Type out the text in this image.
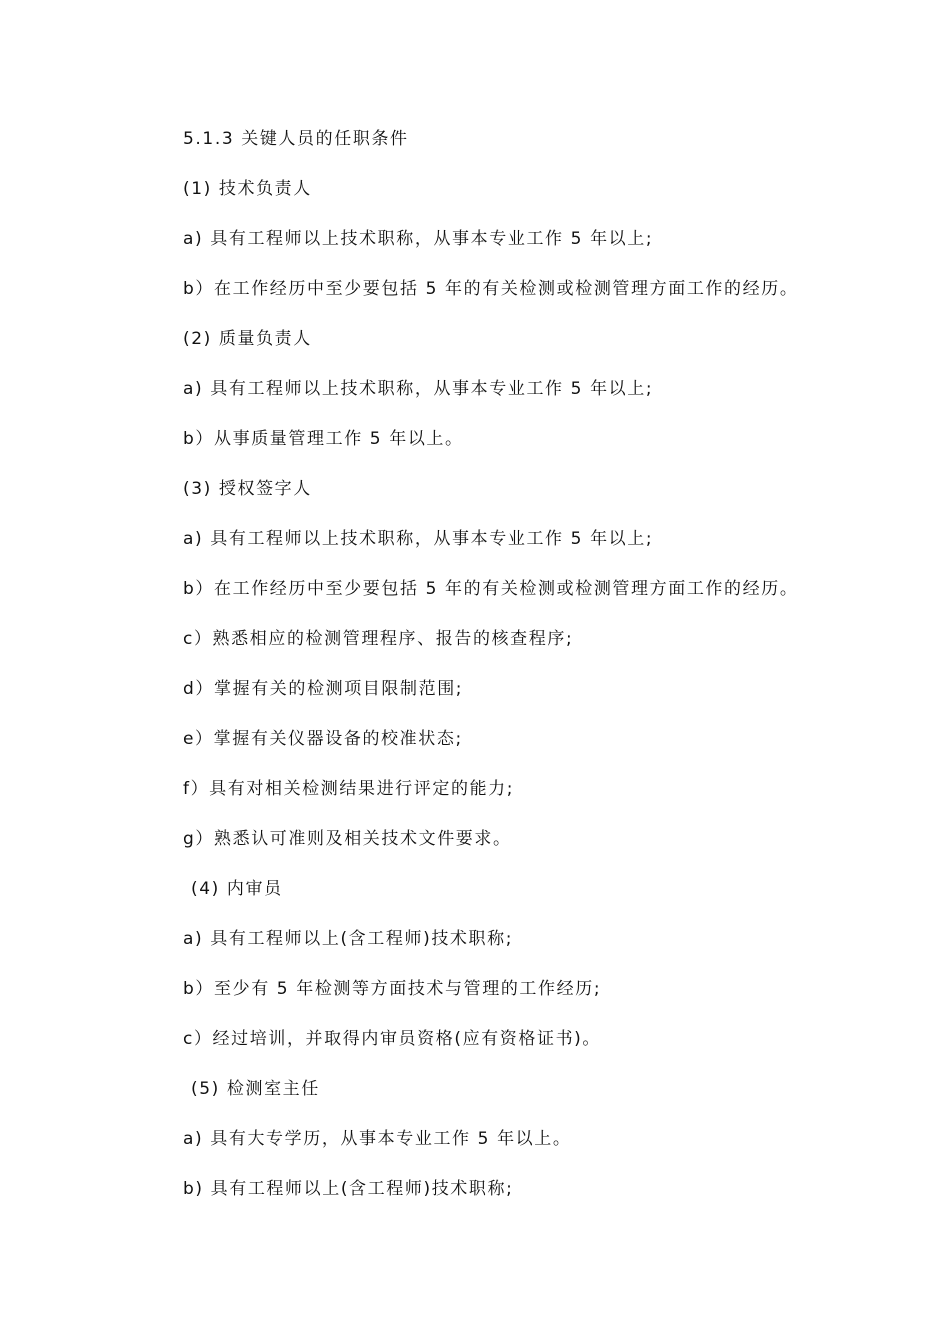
5.1.3 关键人员的任职条件
(1) 技术负责人
a) 具有工程师以上技术职称，从事本专业工作 5 年以上;
b）在工作经历中至少要包括 5 年的有关检测或检测管理方面工作的经历。
(2) 质量负责人
a) 具有工程师以上技术职称，从事本专业工作 5 年以上;
b）从事质量管理工作 5 年以上。
(3) 授权签字人
a) 具有工程师以上技术职称，从事本专业工作 5 年以上;
b）在工作经历中至少要包括 5 年的有关检测或检测管理方面工作的经历。
c）熟悉相应的检测管理程序、报告的核查程序;
d）掌握有关的检测项目限制范围;
e）掌握有关仪器设备的校准状态;
f）具有对相关检测结果进行评定的能力;
g）熟悉认可准则及相关技术文件要求。
(4) 内审员
a) 具有工程师以上(含工程师)技术职称;
b）至少有 5 年检测等方面技术与管理的工作经历;
c）经过培训，并取得内审员资格(应有资格证书)。
(5) 检测室主任
a) 具有大专学历，从事本专业工作 5 年以上。
b) 具有工程师以上(含工程师)技术职称;
